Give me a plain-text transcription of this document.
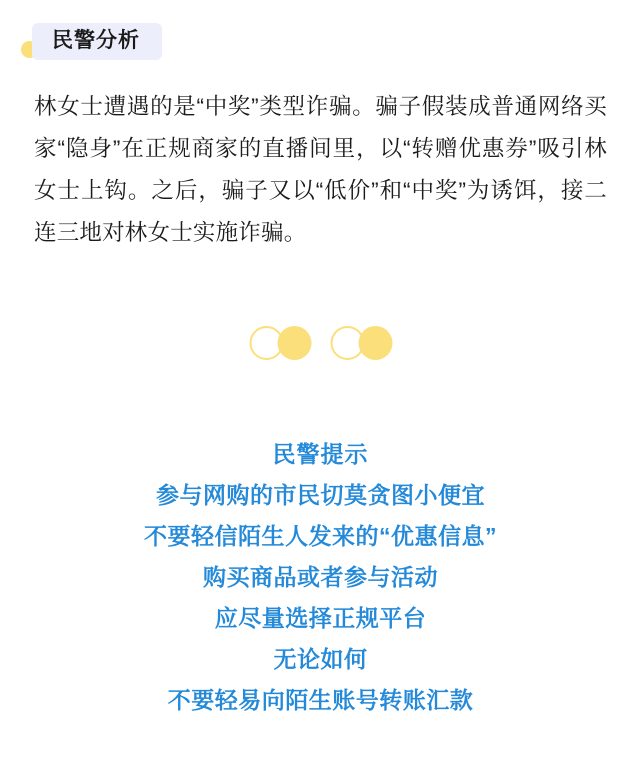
民警分析

林女士遭遇的是“中奖”类型诈骗。骗子假装成普通网络买家“隐身”在正规商家的直播间里，以“转赠优惠券”吸引林女士上钩。之后，骗子又以“低价”和“中奖”为诱饵，接二连三地对林女士实施诈骗。

民警提示
参与网购的市民切莫贪图小便宜
不要轻信陌生人发来的“优惠信息”
购买商品或者参与活动
应尽量选择正规平台
无论如何
不要轻易向陌生账号转账汇款
